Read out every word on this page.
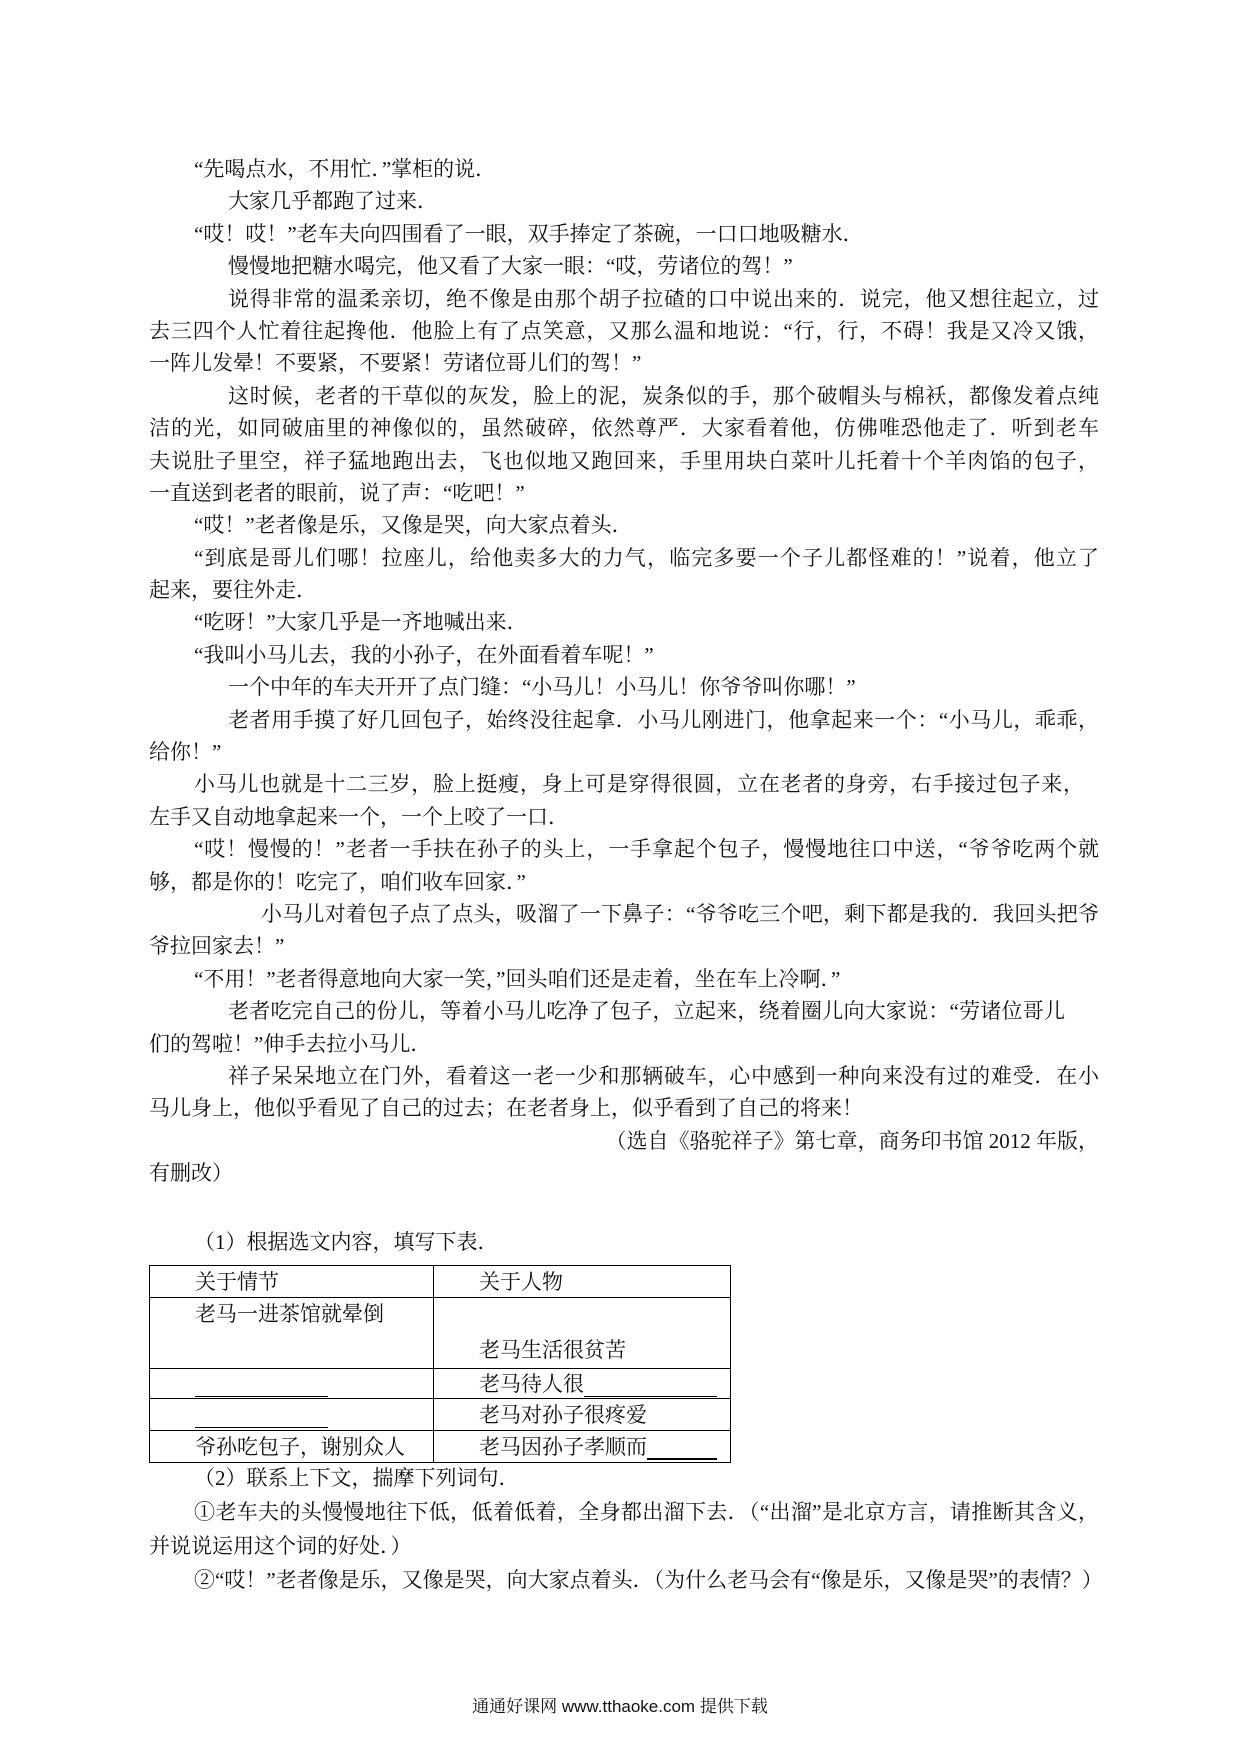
“先喝点水，不用忙．”掌柜的说．
大家几乎都跑了过来．
“哎！哎！”老车夫向四围看了一眼，双手捧定了茶碗，一口口地吸糖水．
慢慢地把糖水喝完，他又看了大家一眼：“哎，劳诸位的驾！”
说得非常的温柔亲切，绝不像是由那个胡子拉碴的口中说出来的．说完，他又想往起立，过
去三四个人忙着往起搀他．他脸上有了点笑意，又那么温和地说：“行，行，不碍！我是又冷又饿，
一阵儿发晕！不要紧，不要紧！劳诸位哥儿们的驾！”
这时候，老者的干草似的灰发，脸上的泥，炭条似的手，那个破帽头与棉袄，都像发着点纯
洁的光，如同破庙里的神像似的，虽然破碎，依然尊严．大家看着他，仿佛唯恐他走了．听到老车
夫说肚子里空，祥子猛地跑出去，飞也似地又跑回来，手里用块白菜叶儿托着十个羊肉馅的包子，
一直送到老者的眼前，说了声：“吃吧！”
“哎！”老者像是乐，又像是哭，向大家点着头．
“到底是哥儿们哪！拉座儿，给他卖多大的力气，临完多要一个子儿都怪难的！”说着，他立了
起来，要往外走．
“吃呀！”大家几乎是一齐地喊出来．
“我叫小马儿去，我的小孙子，在外面看着车呢！”
一个中年的车夫开开了点门缝：“小马儿！小马儿！你爷爷叫你哪！”
老者用手摸了好几回包子，始终没往起拿．小马儿刚进门，他拿起来一个：“小马儿，乖乖，
给你！”
小马儿也就是十二三岁，脸上挺瘦，身上可是穿得很圆，立在老者的身旁，右手接过包子来，
左手又自动地拿起来一个，一个上咬了一口．
“哎！慢慢的！”老者一手扶在孙子的头上，一手拿起个包子，慢慢地往口中送，“爷爷吃两个就
够，都是你的！吃完了，咱们收车回家．”
小马儿对着包子点了点头，吸溜了一下鼻子：“爷爷吃三个吧，剩下都是我的．我回头把爷
爷拉回家去！”
“不用！”老者得意地向大家一笑，”回头咱们还是走着，坐在车上冷啊．”
老者吃完自己的份儿，等着小马儿吃净了包子，立起来，绕着圈儿向大家说：“劳诸位哥儿
们的驾啦！”伸手去拉小马儿．
祥子呆呆地立在门外，看着这一老一少和那辆破车，心中感到一种向来没有过的难受．在小
马儿身上，他似乎看见了自己的过去；在老者身上，似乎看到了自己的将来！
（选自《骆驼祥子》第七章，商务印书馆 2012 年版，
有删改）
（1）根据选文内容，填写下表．
关于情节	关于人物
老马一进茶馆就晕倒	老马生活很贫苦
	老马待人很
	老马对孙子很疼爱
爷孙吃包子，谢别众人	老马因孙子孝顺而
（2）联系上下文，揣摩下列词句．
①老车夫的头慢慢地往下低，低着低着，全身都出溜下去．（“出溜”是北京方言，请推断其含义，
并说说运用这个词的好处．）
②“哎！”老者像是乐，又像是哭，向大家点着头．（为什么老马会有“像是乐，又像是哭”的表情？）
通通好课网 www.tthaoke.com 提供下载
